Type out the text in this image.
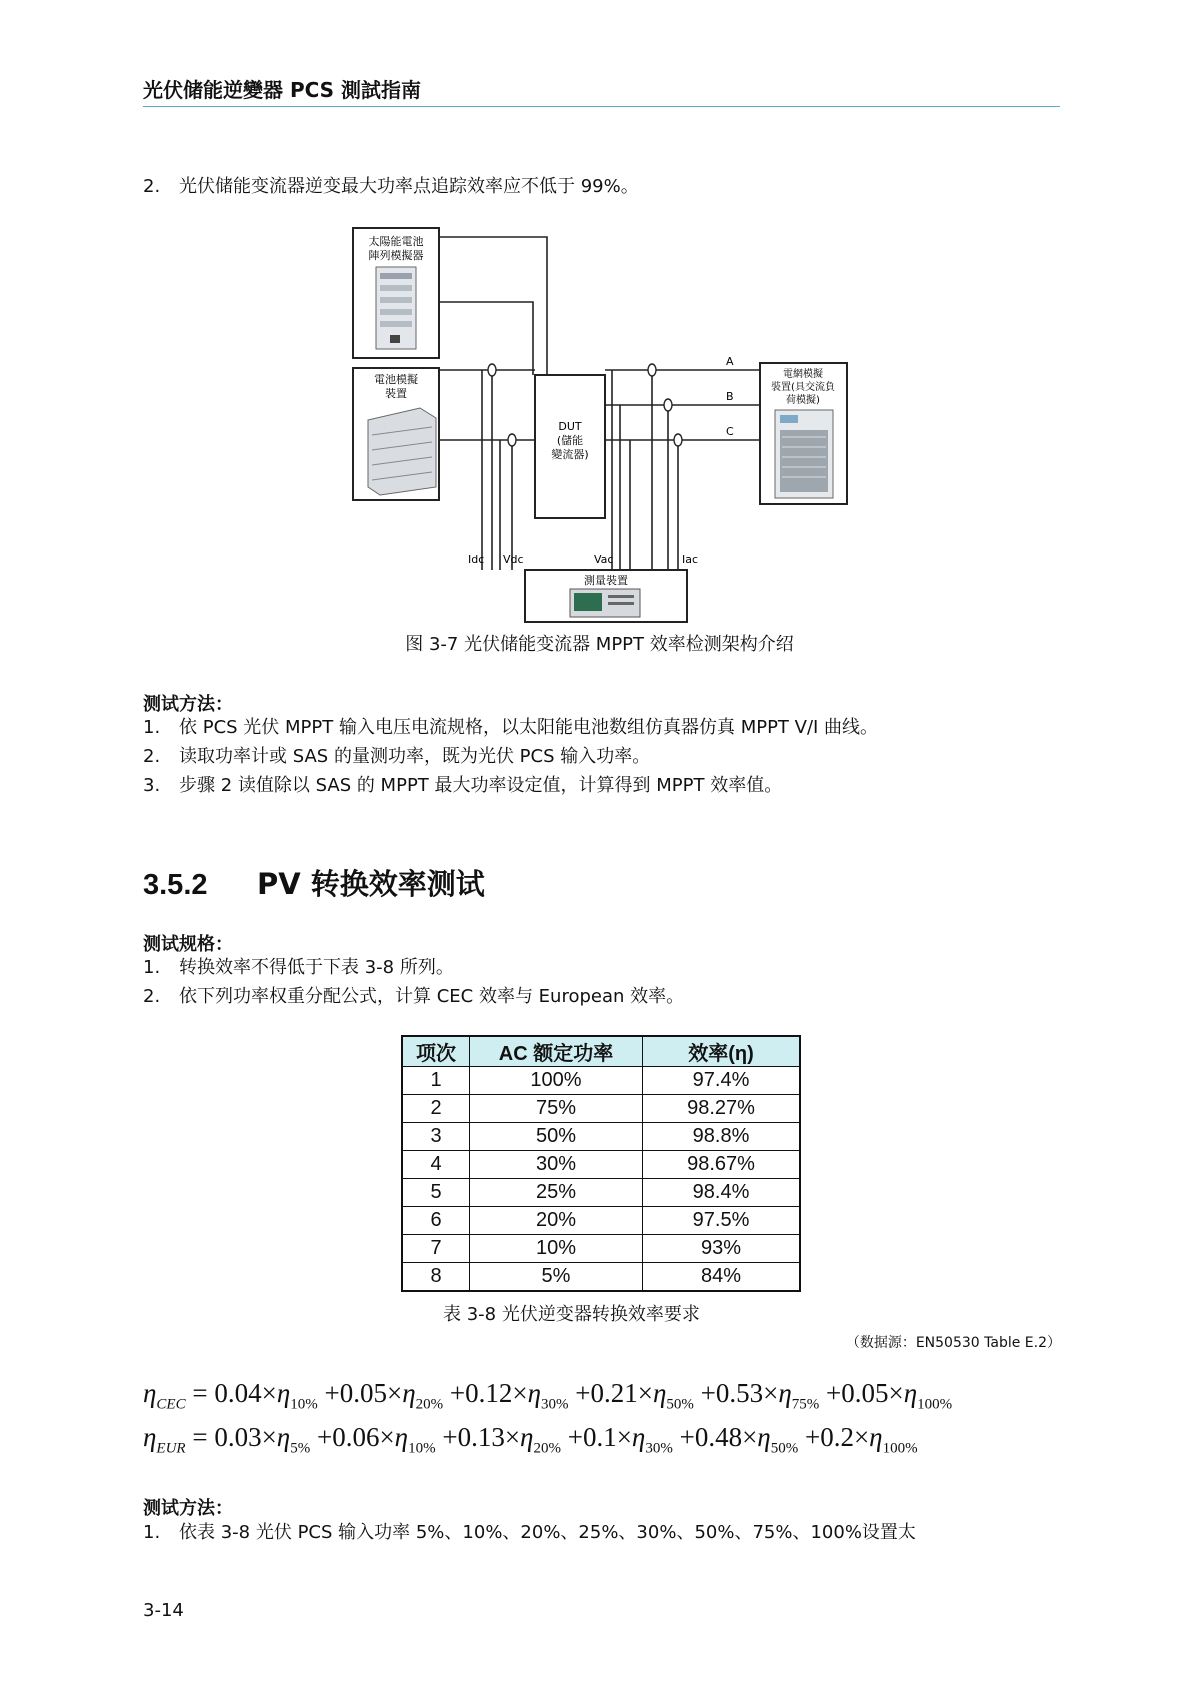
光伏储能逆變器 PCS 測試指南
2. 光伏储能变流器逆变最大功率点追踪效率应不低于 99%。
太陽能電池
陣列模擬器
電池模擬
裝置
DUT
(儲能
變流器)
電網模擬
裝置(具交流負
荷模擬)
測量裝置
A
B
C
Idc Vdc	Vac	Iac
图 3-7 光伏储能变流器 MPPT 效率检测架构介绍
测试方法：
1. 依 PCS 光伏 MPPT 输入电压电流规格，以太阳能电池数组仿真器仿真 MPPT V/I 曲线。
2. 读取功率计或 SAS 的量测功率，既为光伏 PCS 输入功率。
3. 步骤 2 读值除以 SAS 的 MPPT 最大功率设定值，计算得到 MPPT 效率值。
3.5.2 PV 转换效率测试
测试规格：
1. 转换效率不得低于下表 3-8 所列。
2. 依下列功率权重分配公式，计算 CEC 效率与 European 效率。
项次	AC 额定功率	效率(η)
1	100%	97.4%
2	75%	98.27%
3	50%	98.8%
4	30%	98.67%
5	25%	98.4%
6	20%	97.5%
7	10%	93%
8	5%	84%
表 3-8 光伏逆变器转换效率要求
（数据源：EN50530 Table E.2）
$\eta_{CEC} = 0.04\times\eta_{10\%} +0.05\times\eta_{20\%} +0.12\times\eta_{30\%} +0.21\times\eta_{50\%} +0.53\times\eta_{75\%} +0.05\times\eta_{100\%}$
$\eta_{EUR} = 0.03\times\eta_{5\%} +0.06\times\eta_{10\%} +0.13\times\eta_{20\%} +0.1\times\eta_{30\%} +0.48\times\eta_{50\%} +0.2\times\eta_{100\%}$
测试方法：
1. 依表 3-8 光伏 PCS 输入功率 5%、10%、20%、25%、30%、50%、75%、100%设置太
3-14
